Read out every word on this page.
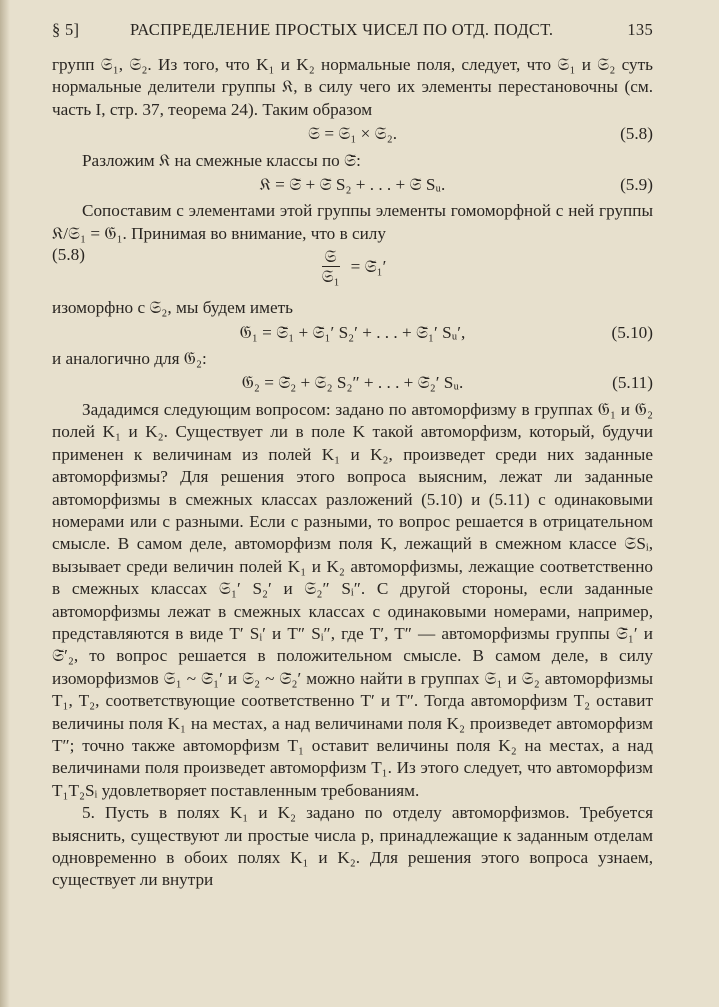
§ 5]	РАСПРЕДЕЛЕНИЕ ПРОСТЫХ ЧИСЕЛ ПО ОТД. ПОДСТ.	135

групп 𝔖₁, 𝔖₂. Из того, что K₁ и K₂ нормальные поля, следует, что 𝔖₁ и 𝔖₂ суть нормальные делители группы 𝔎, в силу чего их элементы перестановочны (см. часть I, стр. 37, теорема 24). Таким образом

𝔖 = 𝔖₁ × 𝔖₂.	(5.8)

Разложим 𝔎 на смежные классы по 𝔖̄:

𝔎 = 𝔖̄ + 𝔖̄ S₂ + . . . + 𝔖̄ Sᵤ.	(5.9)

Сопоставим с элементами этой группы элементы гомоморфной с ней группы 𝔎/𝔖₁ = 𝔊₁. Принимая во внимание, что в силу

(5.8)	$\frac{\text{𝔖}}{\text{𝔖₁}}$ = 𝔖̄₁′

изоморфно с 𝔖₂, мы будем иметь

𝔊₁ = 𝔖̄₁ + 𝔖̄₁′ S₂′ + . . . + 𝔖̄₁′ Sᵤ′,	(5.10)

и аналогично для 𝔊₂:

𝔊₂ = 𝔖̄₂ + 𝔖₂ S₂″ + . . . + 𝔖̄₂′ Sᵤ.	(5.11)

Зададимся следующим вопросом: задано по автоморфизму в группах 𝔊₁ и 𝔊₂ полей K₁ и K₂. Существует ли в поле K такой автоморфизм, который, будучи применен к величинам из полей K₁ и K₂, произведет среди них заданные автоморфизмы? Для решения этого вопроса выясним, лежат ли заданные автоморфизмы в смежных классах разложений (5.10) и (5.11) с одинаковыми номерами или с разными. Если с разными, то вопрос решается в отрицательном смысле. В самом деле, автоморфизм поля K, лежащий в смежном классе 𝔖Sᵢ, вызывает среди величин полей K₁ и K₂ автоморфизмы, лежащие соответственно в смежных классах 𝔖₁′ S₂′ и 𝔖₂″ Sᵢ″. С другой стороны, если заданные автоморфизмы лежат в смежных классах с одинаковыми номерами, например, представляются в виде T′ Sᵢ′ и T″ Sᵢ″, где T′, T″ — автоморфизмы группы 𝔖̄₁′ и 𝔖̄′₂, то вопрос решается в положительном смысле. В самом деле, в силу изоморфизмов 𝔖₁ ~ 𝔖̄₁′ и 𝔖₂ ~ 𝔖̄₂′ можно найти в группах 𝔖₁ и 𝔖₂ автоморфизмы T₁, T₂, соответствующие соответственно T′ и T″. Тогда автоморфизм T₂ оставит величины поля K₁ на местах, а над величинами поля K₂ произведет автоморфизм T″; точно также автоморфизм T₁ оставит величины поля K₂ на местах, а над величинами поля произведет автоморфизм T₁. Из этого следует, что автоморфизм T₁T₂Sᵢ удовлетворяет поставленным требованиям.

5. Пусть в полях K₁ и K₂ задано по отделу автоморфизмов. Требуется выяснить, существуют ли простые числа p, принадлежащие к заданным отделам одновременно в обоих полях K₁ и K₂. Для решения этого вопроса узнаем, существует ли внутри
